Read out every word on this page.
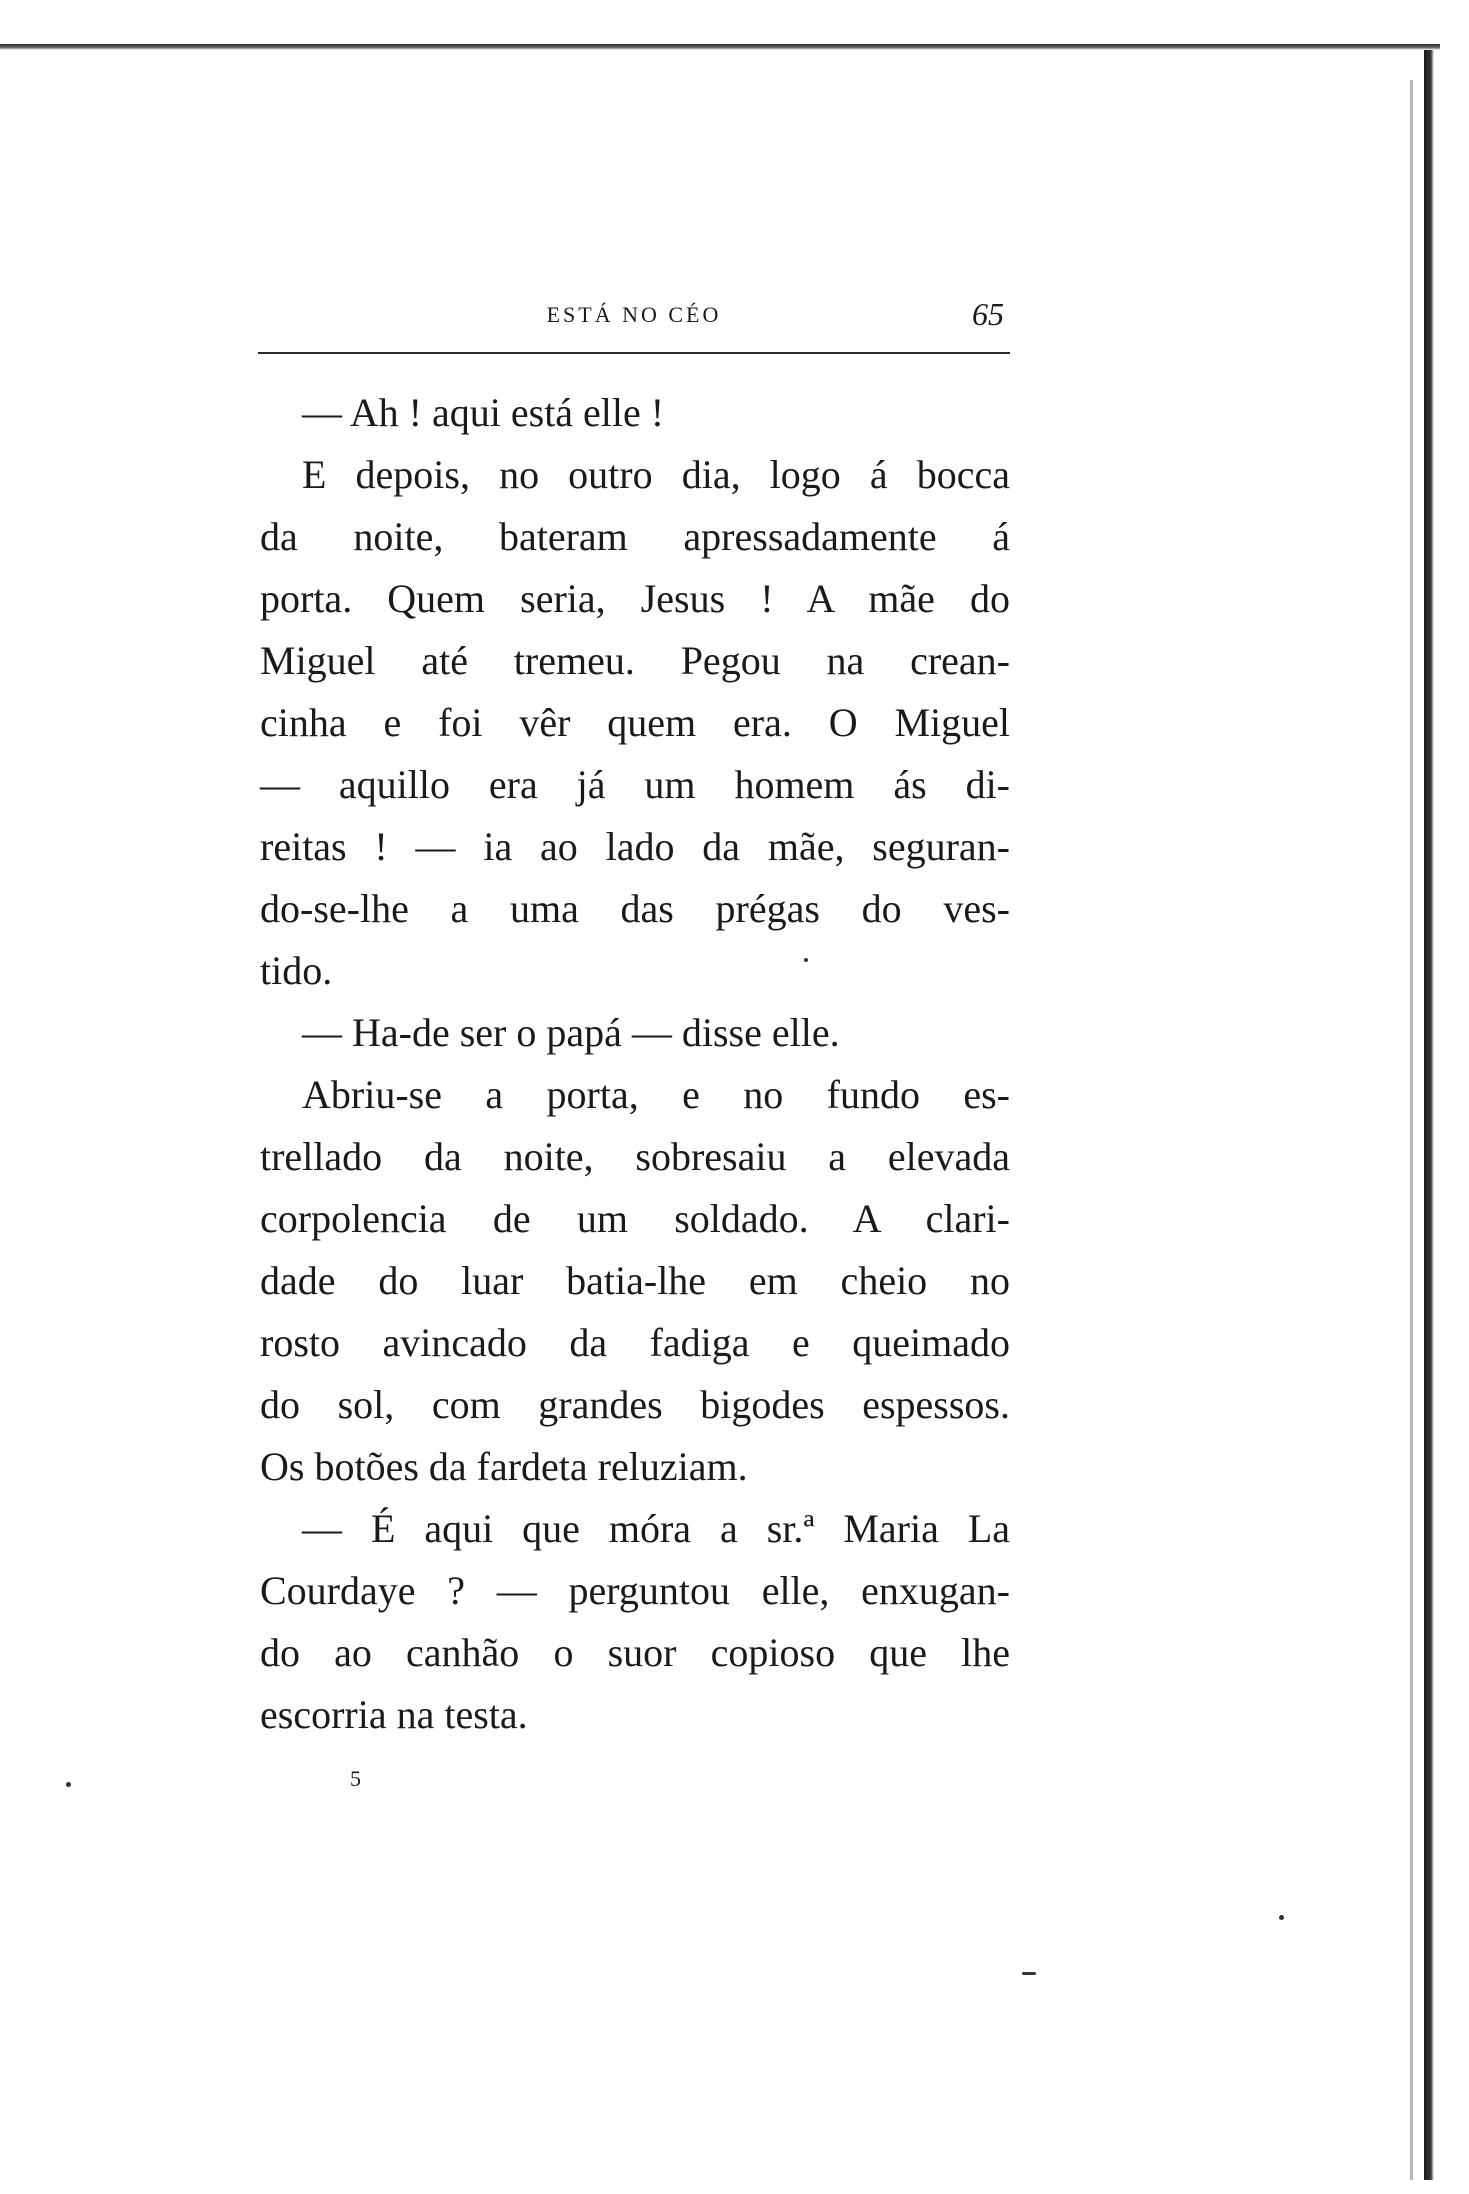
ESTÁ NO CÉO	65
— Ah ! aqui está elle !
E depois, no outro dia, logo á bocca
da noite, bateram apressadamente á
porta. Quem seria, Jesus ! A mãe do
Miguel até tremeu. Pegou na crean-
cinha e foi vêr quem era. O Miguel
— aquillo era já um homem ás di-
reitas ! — ia ao lado da mãe, seguran-
do-se-lhe a uma das prégas do ves-
tido.
— Ha-de ser o papá — disse elle.
Abriu-se a porta, e no fundo es-
trellado da noite, sobresaiu a elevada
corpolencia de um soldado. A clari-
dade do luar batia-lhe em cheio no
rosto avincado da fadiga e queimado
do sol, com grandes bigodes espessos.
Os botões da fardeta reluziam.
— É aqui que móra a sr.ª Maria La
Courdaye ? — perguntou elle, enxugan-
do ao canhão o suor copioso que lhe
escorria na testa.
5
